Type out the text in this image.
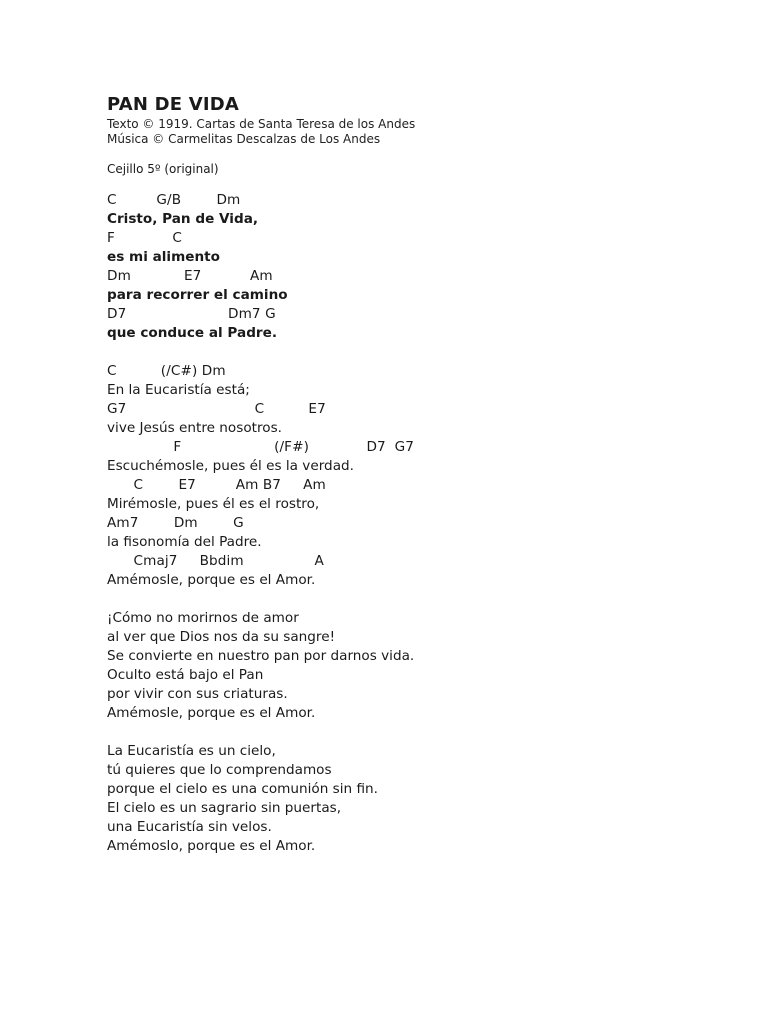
PAN DE VIDA
Texto © 1919. Cartas de Santa Teresa de los Andes
Música © Carmelitas Descalzas de Los Andes
Cejillo 5º (original)
C         G/B        Dm
Cristo, Pan de Vida,
F             C
es mi alimento
Dm            E7           Am
para recorrer el camino
D7                       Dm7 G
que conduce al Padre.
C          (/C#) Dm
En la Eucaristía está;
G7                             C          E7
vive Jesús entre nosotros.
F                     (/F#)             D7  G7
Escuchémosle, pues él es la verdad.
C        E7         Am B7     Am
Mirémosle, pues él es el rostro,
Am7        Dm        G
la fisonomía del Padre.
Cmaj7     Bbdim                A
Amémosle, porque es el Amor.
¡Cómo no morirnos de amor
al ver que Dios nos da su sangre!
Se convierte en nuestro pan por darnos vida.
Oculto está bajo el Pan
por vivir con sus criaturas.
Amémosle, porque es el Amor.
La Eucaristía es un cielo,
tú quieres que lo comprendamos
porque el cielo es una comunión sin fin.
El cielo es un sagrario sin puertas,
una Eucaristía sin velos.
Amémoslo, porque es el Amor.
